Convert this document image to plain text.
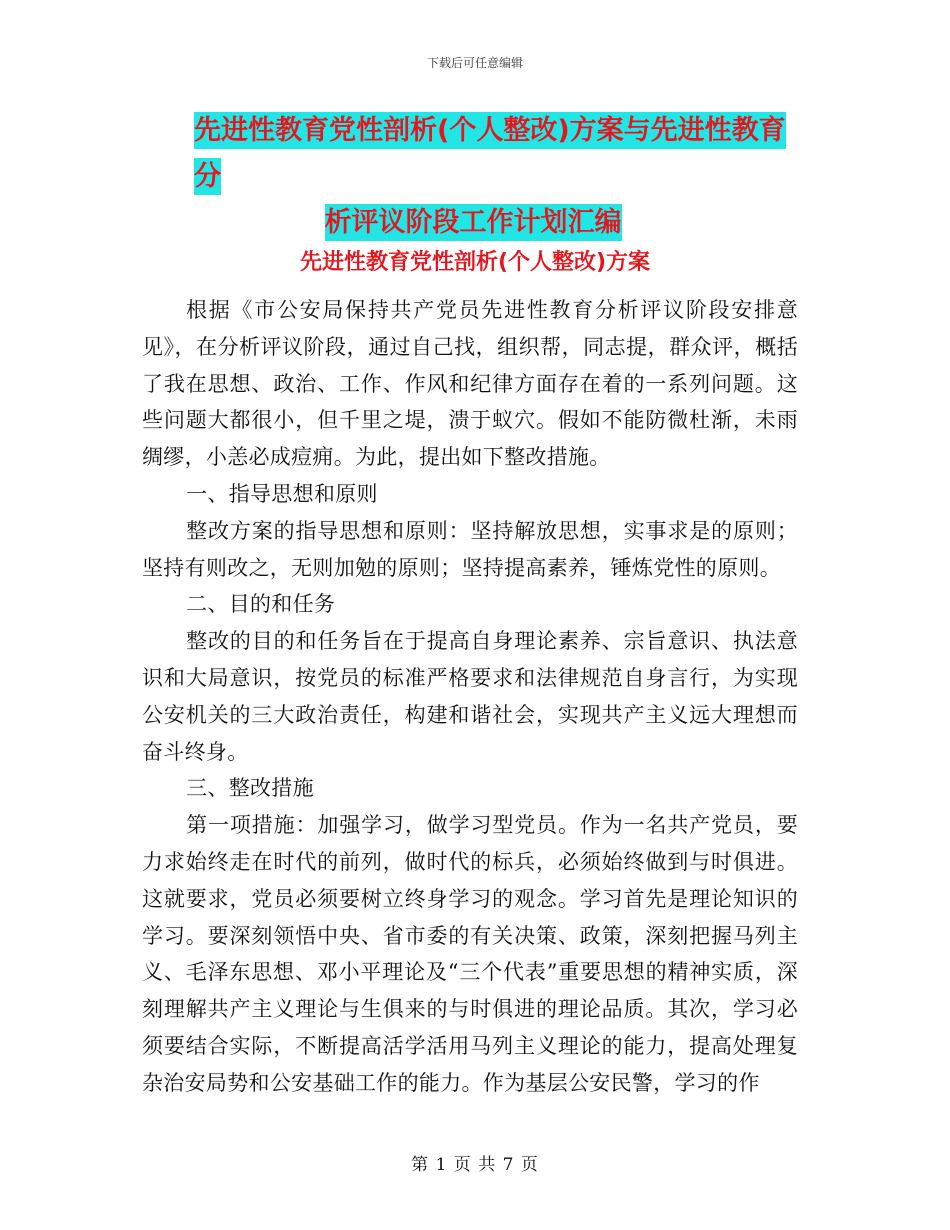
下载后可任意编辑
先进性教育党性剖析(个人整改)方案与先进性教育分
析评议阶段工作计划汇编
先进性教育党性剖析(个人整改)方案

根据《市公安局保持共产党员先进性教育分析评议阶段安排意见》，在分析评议阶段，通过自己找，组织帮，同志提，群众评，概括了我在思想、政治、工作、作风和纪律方面存在着的一系列问题。这些问题大都很小，但千里之堤，溃于蚁穴。假如不能防微杜渐，未雨绸缪，小恙必成痘痈。为此，提出如下整改措施。

一、指导思想和原则

整改方案的指导思想和原则：坚持解放思想，实事求是的原则；坚持有则改之，无则加勉的原则；坚持提高素养，锤炼党性的原则。

二、目的和任务

整改的目的和任务旨在于提高自身理论素养、宗旨意识、执法意识和大局意识，按党员的标准严格要求和法律规范自身言行，为实现公安机关的三大政治责任，构建和谐社会，实现共产主义远大理想而奋斗终身。

三、整改措施

第一项措施：加强学习，做学习型党员。作为一名共产党员，要力求始终走在时代的前列，做时代的标兵，必须始终做到与时俱进。这就要求，党员必须要树立终身学习的观念。学习首先是理论知识的学习。要深刻领悟中央、省市委的有关决策、政策，深刻把握马列主义、毛泽东思想、邓小平理论及“三个代表”重要思想的精神实质，深刻理解共产主义理论与生俱来的与时俱进的理论品质。其次，学习必须要结合实际，不断提高活学活用马列主义理论的能力，提高处理复杂治安局势和公安基础工作的能力。作为基层公安民警，学习的作

第 1 页 共 7 页
